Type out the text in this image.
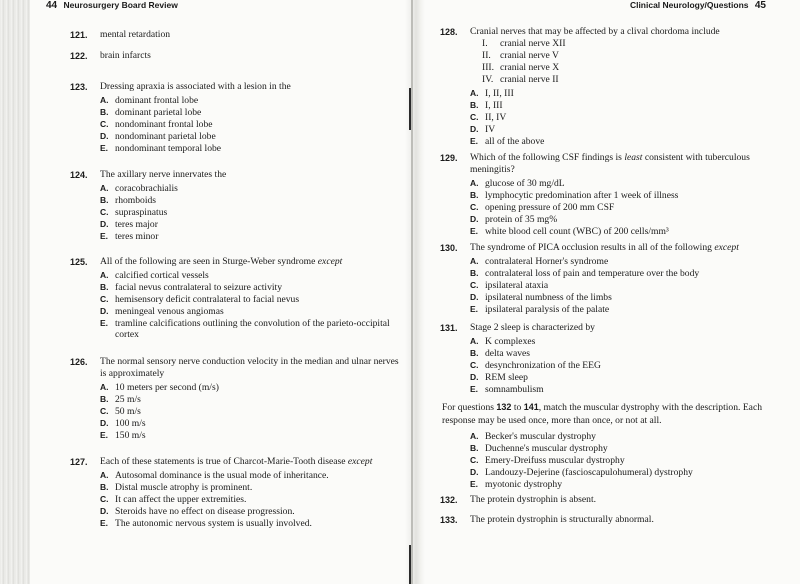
44 Neurosurgery Board Review
121.	mental retardation
122.	brain infarcts
123.	Dressing apraxia is associated with a lesion in the
A. dominant frontal lobe
B. dominant parietal lobe
C. nondominant frontal lobe
D. nondominant parietal lobe
E. nondominant temporal lobe
124.	The axillary nerve innervates the
A. coracobrachialis
B. rhomboids
C. supraspinatus
D. teres major
E. teres minor
125.	All of the following are seen in Sturge-Weber syndrome except
A. calcified cortical vessels
B. facial nevus contralateral to seizure activity
C. hemisensory deficit contralateral to facial nevus
D. meningeal venous angiomas
E. tramline calcifications outlining the convolution of the parieto-occipital
cortex
126.	The normal sensory nerve conduction velocity in the median and ulnar nerves
is approximately
A. 10 meters per second (m/s)
B. 25 m/s
C. 50 m/s
D. 100 m/s
E. 150 m/s
127.	Each of these statements is true of Charcot-Marie-Tooth disease except
A. Autosomal dominance is the usual mode of inheritance.
B. Distal muscle atrophy is prominent.
C. It can affect the upper extremities.
D. Steroids have no effect on disease progression.
E. The autonomic nervous system is usually involved.
Clinical Neurology/Questions 45
128.	Cranial nerves that may be affected by a clival chordoma include
I. cranial nerve XII
II. cranial nerve V
III. cranial nerve X
IV. cranial nerve II
A. I, II, III
B. I, III
C. II, IV
D. IV
E. all of the above
129.	Which of the following CSF findings is least consistent with tuberculous
meningitis?
A. glucose of 30 mg/dL
B. lymphocytic predomination after 1 week of illness
C. opening pressure of 200 mm CSF
D. protein of 35 mg%
E. white blood cell count (WBC) of 200 cells/mm³
130.	The syndrome of PICA occlusion results in all of the following except
A. contralateral Horner's syndrome
B. contralateral loss of pain and temperature over the body
C. ipsilateral ataxia
D. ipsilateral numbness of the limbs
E. ipsilateral paralysis of the palate
131.	Stage 2 sleep is characterized by
A. K complexes
B. delta waves
C. desynchronization of the EEG
D. REM sleep
E. somnambulism
For questions 132 to 141, match the muscular dystrophy with the description. Each
response may be used once, more than once, or not at all.
A. Becker's muscular dystrophy
B. Duchenne's muscular dystrophy
C. Emery-Dreifuss muscular dystrophy
D. Landouzy-Dejerine (fascioscapulohumeral) dystrophy
E. myotonic dystrophy
132.	The protein dystrophin is absent.
133.	The protein dystrophin is structurally abnormal.
